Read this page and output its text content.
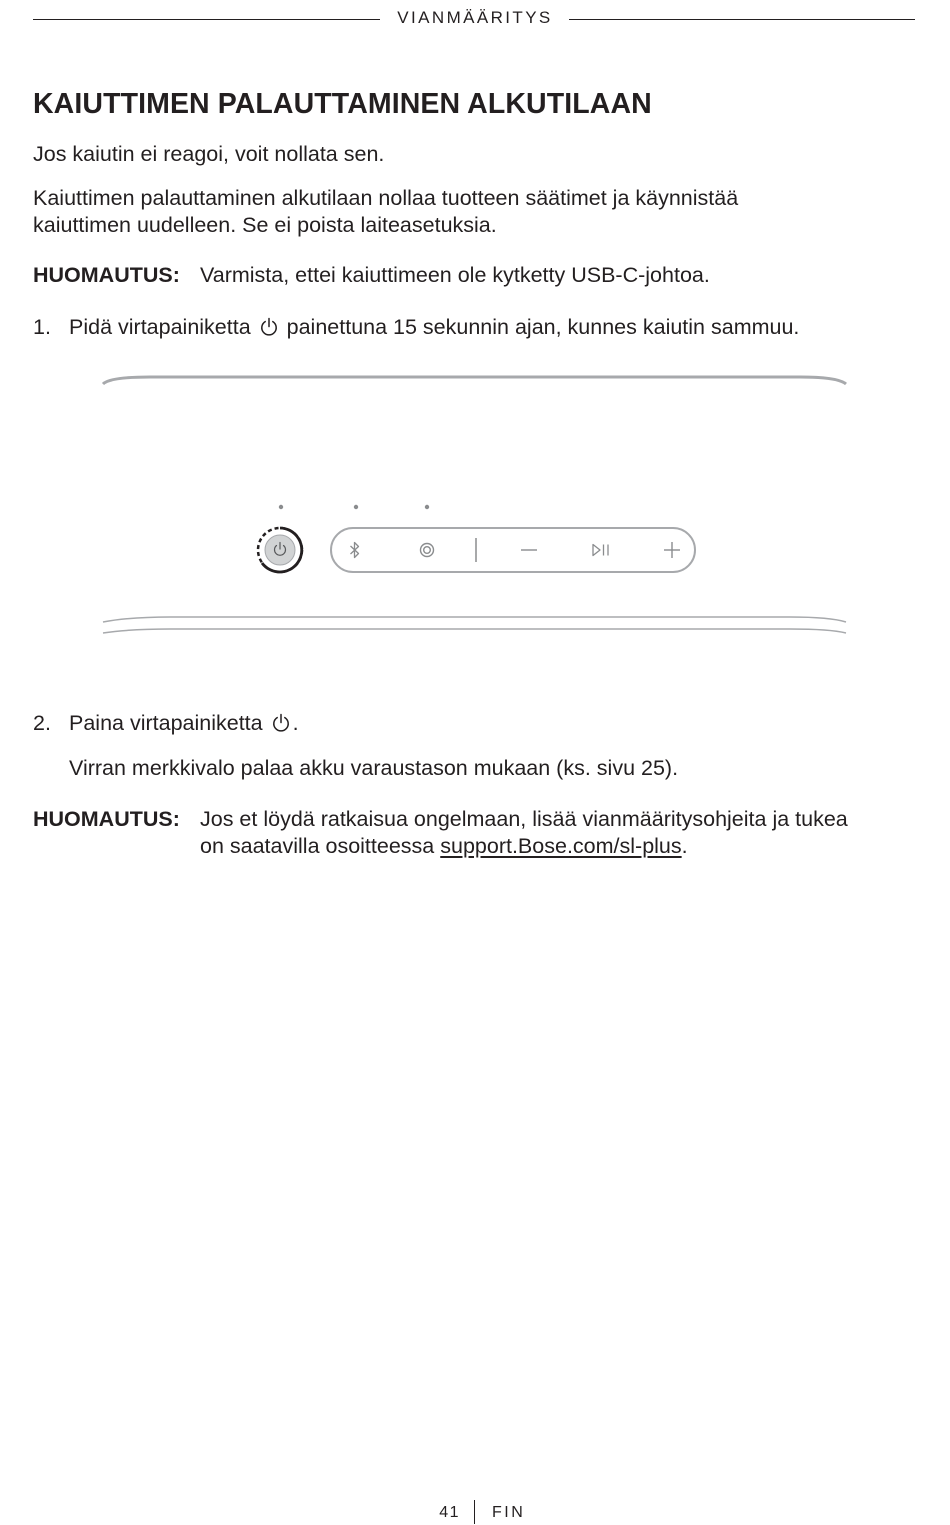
VIANMÄÄRITYS
KAIUTTIMEN PALAUTTAMINEN ALKUTILAAN

Jos kaiutin ei reagoi, voit nollata sen.

Kaiuttimen palauttaminen alkutilaan nollaa tuotteen säätimet ja käynnistää

kaiuttimen uudelleen. Se ei poista laiteasetuksia.

HUOMAUTUS: Varmista, ettei kaiuttimeen ole kytketty USB-C-johtoa.
1. Pidä virtapainiketta painettuna 15 sekunnin ajan, kunnes kaiutin sammuu.
2. Paina virtapainiketta .
Virran merkkivalo palaa akku varaustason mukaan (ks. sivu 25).
HUOMAUTUS: Jos et löydä ratkaisua ongelmaan, lisää vianmääritysohjeita ja tukea
on saatavilla osoitteessa support.Bose.com/sl-plus.
41 FIN
